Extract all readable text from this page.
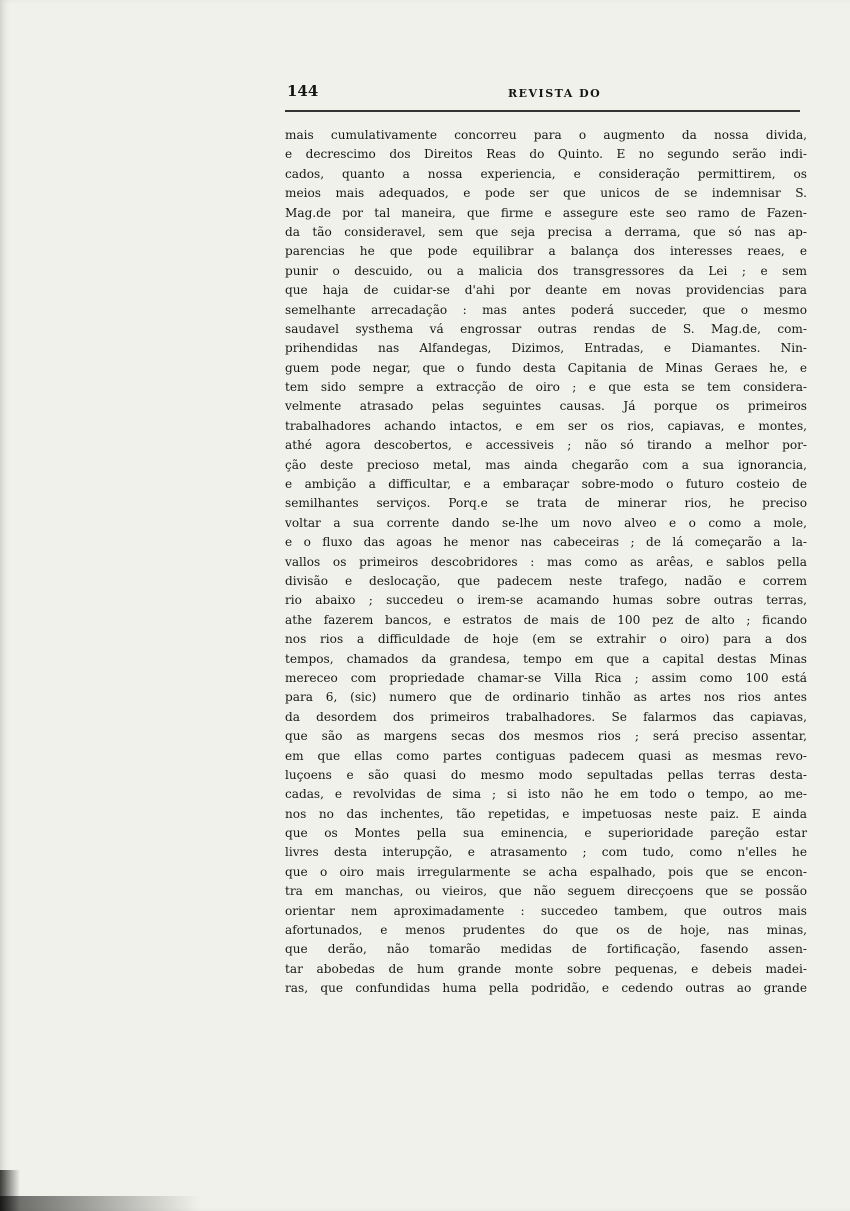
144	REVISTA DO
mais cumulativamente concorreu para o augmento da nossa divida,
e decrescimo dos Direitos Reas do Quinto. E no segundo serão indi-
cados, quanto a nossa experiencia, e consideração permittirem, os
meios mais adequados, e pode ser que unicos de se indemnisar S.
Mag.de por tal maneira, que firme e assegure este seo ramo de Fazen-
da tão consideravel, sem que seja precisa a derrama, que só nas ap-
parencias he que pode equilibrar a balança dos interesses reaes, e
punir o descuido, ou a malicia dos transgressores da Lei ; e sem
que haja de cuidar-se d'ahi por deante em novas providencias para
semelhante arrecadação : mas antes poderá succeder, que o mesmo
saudavel systhema vá engrossar outras rendas de S. Mag.de, com-
prihendidas nas Alfandegas, Dizimos, Entradas, e Diamantes. Nin-
guem pode negar, que o fundo desta Capitania de Minas Geraes he, e
tem sido sempre a extracção de oiro ; e que esta se tem considera-
velmente atrasado pelas seguintes causas. Já porque os primeiros
trabalhadores achando intactos, e em ser os rios, capiavas, e montes,
athé agora descobertos, e accessiveis ; não só tirando a melhor por-
ção deste precioso metal, mas ainda chegarão com a sua ignorancia,
e ambição a difficultar, e a embaraçar sobre-modo o futuro costeio de
semilhantes serviços. Porq.e se trata de minerar rios, he preciso
voltar a sua corrente dando se-lhe um novo alveo e o como a mole,
e o fluxo das agoas he menor nas cabeceiras ; de lá começarão a la-
vallos os primeiros descobridores : mas como as arêas, e sablos pella
divisão e deslocação, que padecem neste trafego, nadão e correm
rio abaixo ; succedeu o irem-se acamando humas sobre outras terras,
athe fazerem bancos, e estratos de mais de 100 pez de alto ; ficando
nos rios a difficuldade de hoje (em se extrahir o oiro) para a dos
tempos, chamados da grandesa, tempo em que a capital destas Minas
mereceo com propriedade chamar-se Villa Rica ; assim como 100 está
para 6, (sic) numero que de ordinario tinhão as artes nos rios antes
da desordem dos primeiros trabalhadores. Se falarmos das capiavas,
que são as margens secas dos mesmos rios ; será preciso assentar,
em que ellas como partes contiguas padecem quasi as mesmas revo-
luçoens e são quasi do mesmo modo sepultadas pellas terras desta-
cadas, e revolvidas de sima ; si isto não he em todo o tempo, ao me-
nos no das inchentes, tão repetidas, e impetuosas neste paiz. E ainda
que os Montes pella sua eminencia, e superioridade pareção estar
livres desta interupção, e atrasamento ; com tudo, como n'elles he
que o oiro mais irregularmente se acha espalhado, pois que se encon-
tra em manchas, ou vieiros, que não seguem direcçoens que se possão
orientar nem aproximadamente : succedeo tambem, que outros mais
afortunados, e menos prudentes do que os de hoje, nas minas,
que derão, não tomarão medidas de fortificação, fasendo assen-
tar abobedas de hum grande monte sobre pequenas, e debeis madei-
ras, que confundidas huma pella podridão, e cedendo outras ao grande
